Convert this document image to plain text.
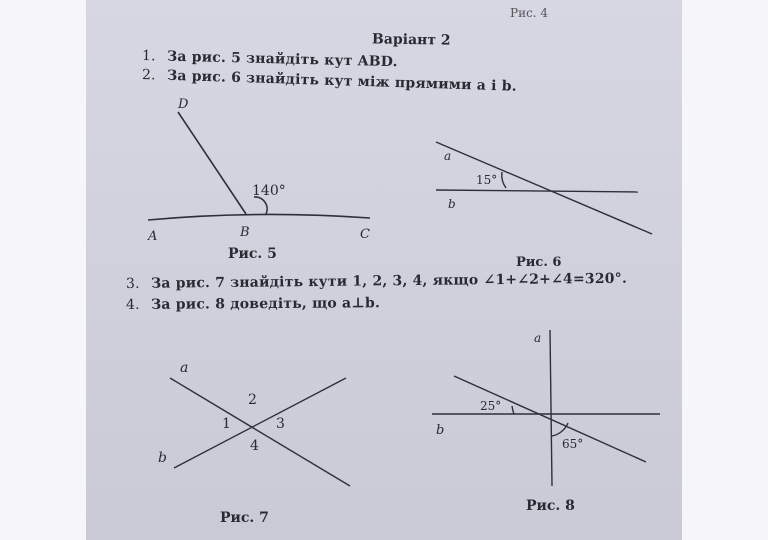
Рис. 4
Варіант 2
1. За рис. 5 знайдіть кут ABD.
2. За рис. 6 знайдіть кут між прямими a і b.
3. За рис. 7 знайдіть кути 1, 2, 3, 4, якщо ∠1+∠2+∠4=320°.
4. За рис. 8 доведіть, що a⊥b.
D
140°
A	B	C
Рис. 5
a
15°
b
Рис. 6
a
b
1
2
3
4
Рис. 7
a
b
25°
65°
Рис. 8
